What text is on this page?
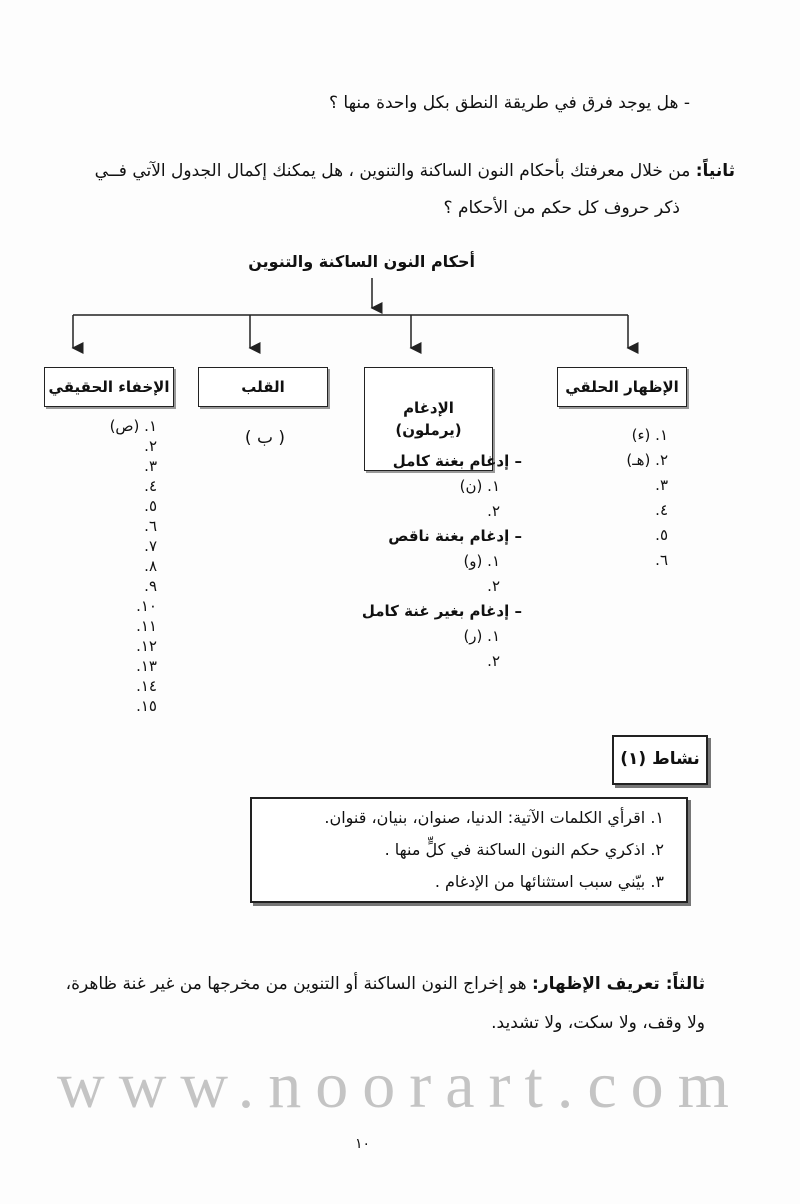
- هل يوجد فرق في طريقة النطق بكل واحدة منها ؟
ثانياً: من خلال معرفتك بأحكام النون الساكنة والتنوين ، هل يمكنك إكمال الجدول الآتي فــي
ذكر حروف كل حكم من الأحكام ؟
أحكام النون الساكنة والتنوين
الإظهار الحلقي
الإدغام
(يرملون)
القلب
الإخفاء الحقيقي
١. (ء)
٢. (هـ)
٣.
٤.
٥.
٦.
( ب )
– إدغام بغنة كامل
١. (ن)
٢.
– إدغام بغنة ناقص
١. (و)
٢.
– إدغام بغير غنة كامل
١. (ر)
٢.
١. (ص)
٢.
٣.
٤.
٥.
٦.
٧.
٨.
٩.
١٠.
١١.
١٢.
١٣.
١٤.
١٥.
نشاط (١)
١. اقرأي الكلمات الآتية: الدنيا، صنوان، بنيان، قنوان.
٢. اذكري حكم النون الساكنة في كلٍّ منها .
٣. بيّني سبب استثنائها من الإدغام .
ثالثاً: تعريف الإظهار: هو إخراج النون الساكنة أو التنوين من مخرجها من غير غنة ظاهرة،
ولا وقف، ولا سكت، ولا تشديد.
www.noorart.com
١٠
